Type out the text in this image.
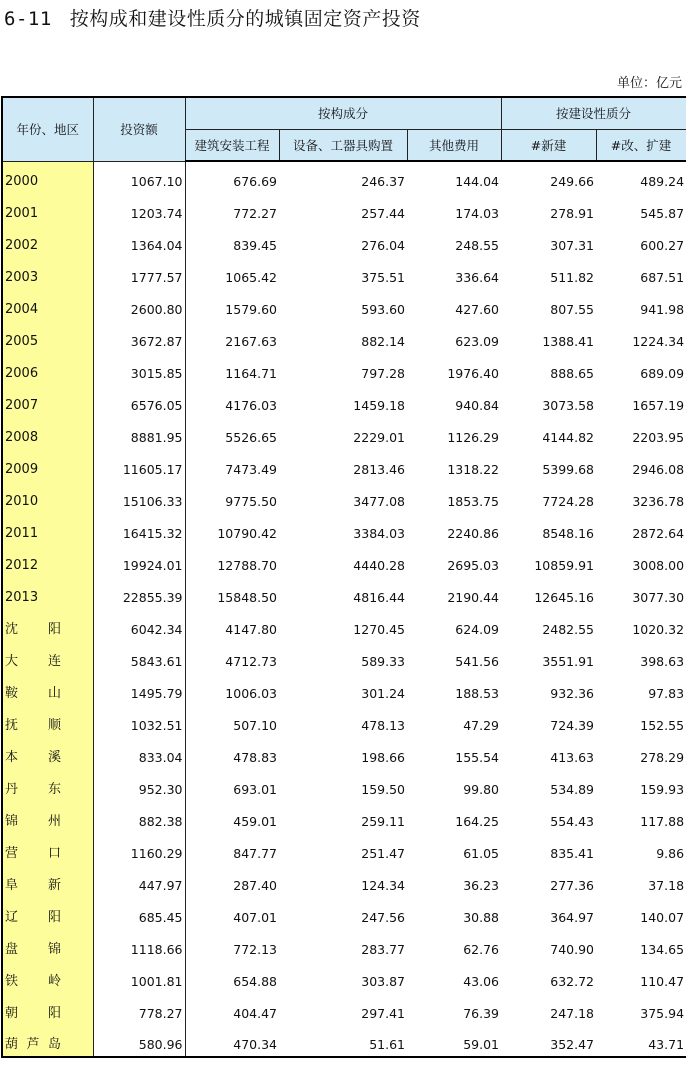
6-11 按构成和建设性质分的城镇固定资产投资
单位：亿元
年份、地区	投资额	按构成分			按建设性质分	
		建筑安装工程	设备、工器具购置	其他费用	#新建	#改、扩建
2000	1067.10	676.69	246.37	144.04	249.66	489.24
2001	1203.74	772.27	257.44	174.03	278.91	545.87
2002	1364.04	839.45	276.04	248.55	307.31	600.27
2003	1777.57	1065.42	375.51	336.64	511.82	687.51
2004	2600.80	1579.60	593.60	427.60	807.55	941.98
2005	3672.87	2167.63	882.14	623.09	1388.41	1224.34
2006	3015.85	1164.71	797.28	1976.40	888.65	689.09
2007	6576.05	4176.03	1459.18	940.84	3073.58	1657.19
2008	8881.95	5526.65	2229.01	1126.29	4144.82	2203.95
2009	11605.17	7473.49	2813.46	1318.22	5399.68	2946.08
2010	15106.33	9775.50	3477.08	1853.75	7724.28	3236.78
2011	16415.32	10790.42	3384.03	2240.86	8548.16	2872.64
2012	19924.01	12788.70	4440.28	2695.03	10859.91	3008.00
2013	22855.39	15848.50	4816.44	2190.44	12645.16	3077.30

沈 阳	6042.34	4147.80	1270.45	624.09	2482.55	1020.32

大 连	5843.61	4712.73	589.33	541.56	3551.91	398.63

鞍 山	1495.79	1006.03	301.24	188.53	932.36	97.83

抚 顺	1032.51	507.10	478.13	47.29	724.39	152.55

本 溪	833.04	478.83	198.66	155.54	413.63	278.29

丹 东	952.30	693.01	159.50	99.80	534.89	159.93

锦 州	882.38	459.01	259.11	164.25	554.43	117.88

营 口	1160.29	847.77	251.47	61.05	835.41	9.86

阜 新	447.97	287.40	124.34	36.23	277.36	37.18

辽 阳	685.45	407.01	247.56	30.88	364.97	140.07

盘 锦	1118.66	772.13	283.77	62.76	740.90	134.65

铁 岭	1001.81	654.88	303.87	43.06	632.72	110.47

朝 阳	778.27	404.47	297.41	76.39	247.18	375.94

葫 芦 岛	580.96	470.34	51.61	59.01	352.47	43.71
